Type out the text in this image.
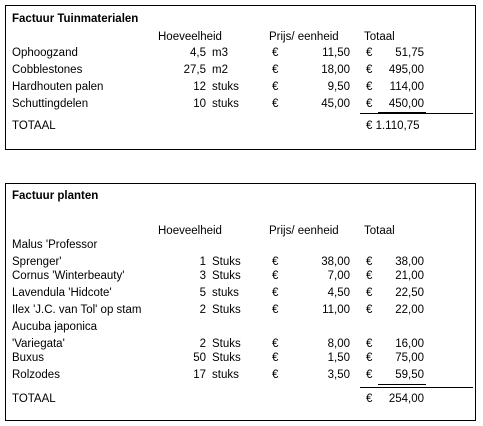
Factuur Tuinmaterialen
Hoeveelheid	Prijs/ eenheid Totaal
Ophoogzand	4,5 m3	€	11,50 €	51,75
Cobblestones	27,5 m2	€	18,00 €	495,00
Hardhouten palen	12 stuks	€	9,50 €	114,00
Schuttingdelen	10 stuks	€	45,00 €	450,00
TOTAAL	€ 1.110,75
Factuur planten
Hoeveelheid	Prijs/ eenheid Totaal
Malus 'Professor
Sprenger'	1 Stuks	€	38,00 €	38,00
Cornus 'Winterbeauty'	3 Stuks	€	7,00 €	21,00
Lavendula 'Hidcote'	5 stuks	€	4,50 €	22,50
Ilex 'J.C. van Tol' op stam	2 Stuks	€	11,00 €	22,00
Aucuba japonica
'Variegata'	2 Stuks	€	8,00 €	16,00
Buxus	50 Stuks	€	1,50 €	75,00
Rolzodes	17 stuks	€	3,50 €	59,50
TOTAAL	€ 254,00
